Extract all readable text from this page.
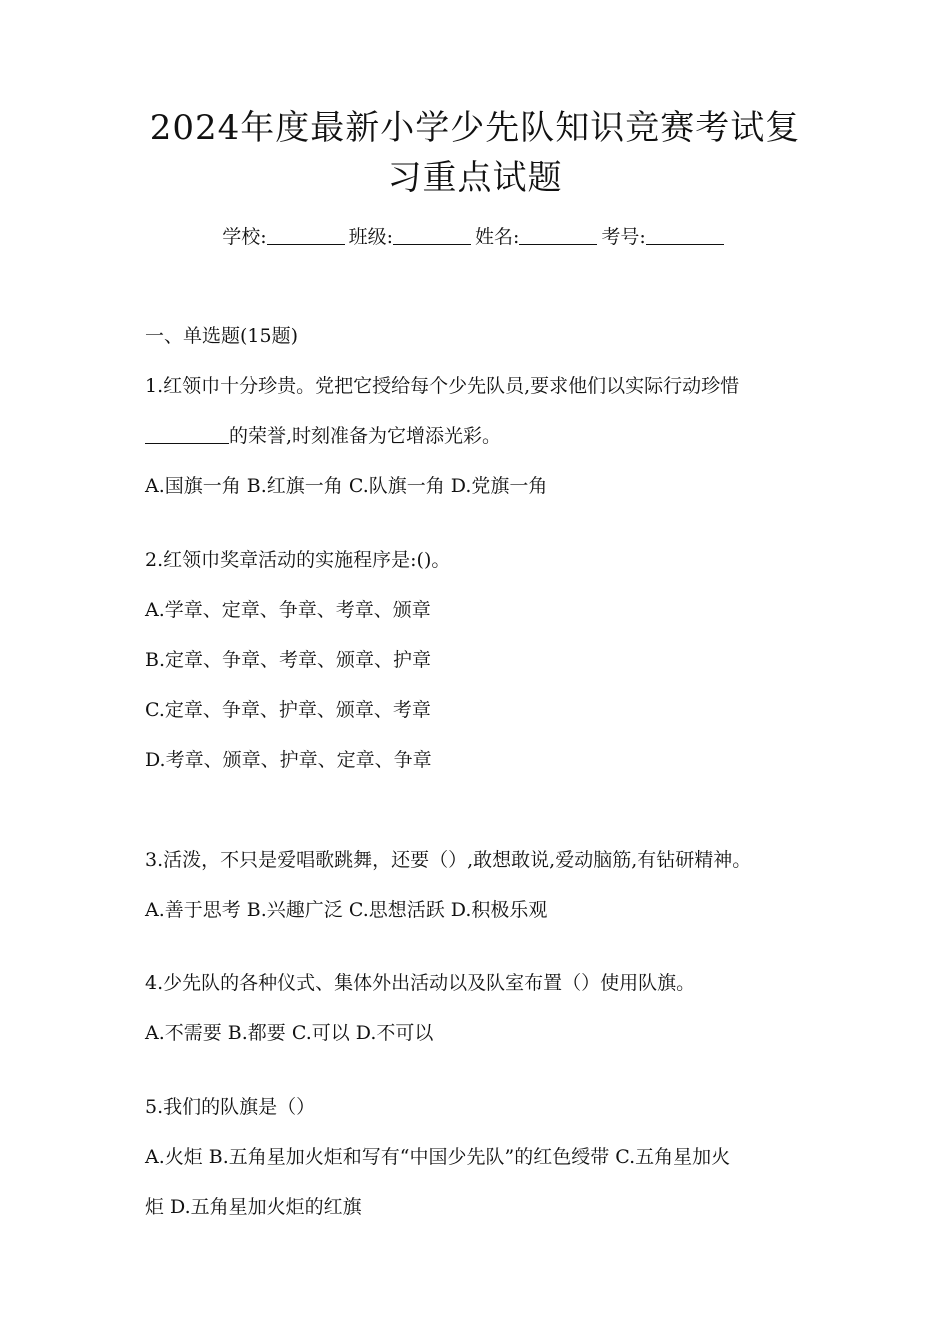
2024年度最新小学少先队知识竞赛考试复
习重点试题
学校:	班级:	姓名:	考号:
一、单选题(15题)
1.红领巾十分珍贵。党把它授给每个少先队员,要求他们以实际行动珍惜
的荣誉,时刻准备为它增添光彩。
A.国旗一角 B.红旗一角 C.队旗一角 D.党旗一角
2.红领巾奖章活动的实施程序是:()。
A.学章、定章、争章、考章、颁章
B.定章、争章、考章、颁章、护章
C.定章、争章、护章、颁章、考章
D.考章、颁章、护章、定章、争章
3.活泼，不只是爱唱歌跳舞，还要（）,敢想敢说,爱动脑筋,有钻研精神。
A.善于思考 B.兴趣广泛 C.思想活跃 D.积极乐观
4.少先队的各种仪式、集体外出活动以及队室布置（）使用队旗。
A.不需要 B.都要 C.可以 D.不可以
5.我们的队旗是（）
A.火炬 B.五角星加火炬和写有“中国少先队”的红色绶带 C.五角星加火
炬 D.五角星加火炬的红旗
